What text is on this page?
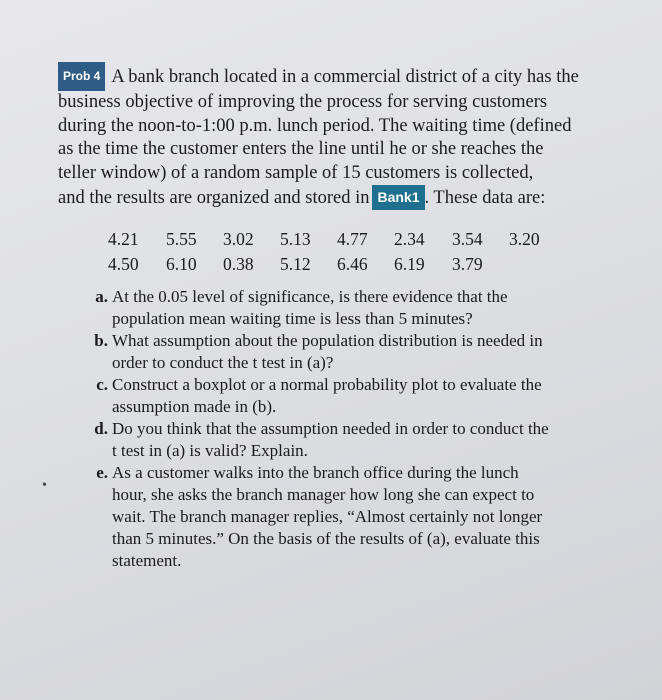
Prob 4 A bank branch located in a commercial district of a city has the
business objective of improving the process for serving customers
during the noon-to-1:00 p.m. lunch period. The waiting time (defined
as the time the customer enters the line until he or she reaches the
teller window) of a random sample of 15 customers is collected,
and the results are organized and stored in Bank1 . These data are:
4.21 5.55 3.02 5.13 4.77 2.34 3.54 3.20
4.50 6.10 0.38 5.12 6.46 6.19 3.79
a. At the 0.05 level of significance, is there evidence that the
population mean waiting time is less than 5 minutes?
b. What assumption about the population distribution is needed in
order to conduct the t test in (a)?
c. Construct a boxplot or a normal probability plot to evaluate the
assumption made in (b).
d. Do you think that the assumption needed in order to conduct the
t test in (a) is valid? Explain.
e. As a customer walks into the branch office during the lunch
hour, she asks the branch manager how long she can expect to
wait. The branch manager replies, “Almost certainly not longer
than 5 minutes.” On the basis of the results of (a), evaluate this
statement.
•
